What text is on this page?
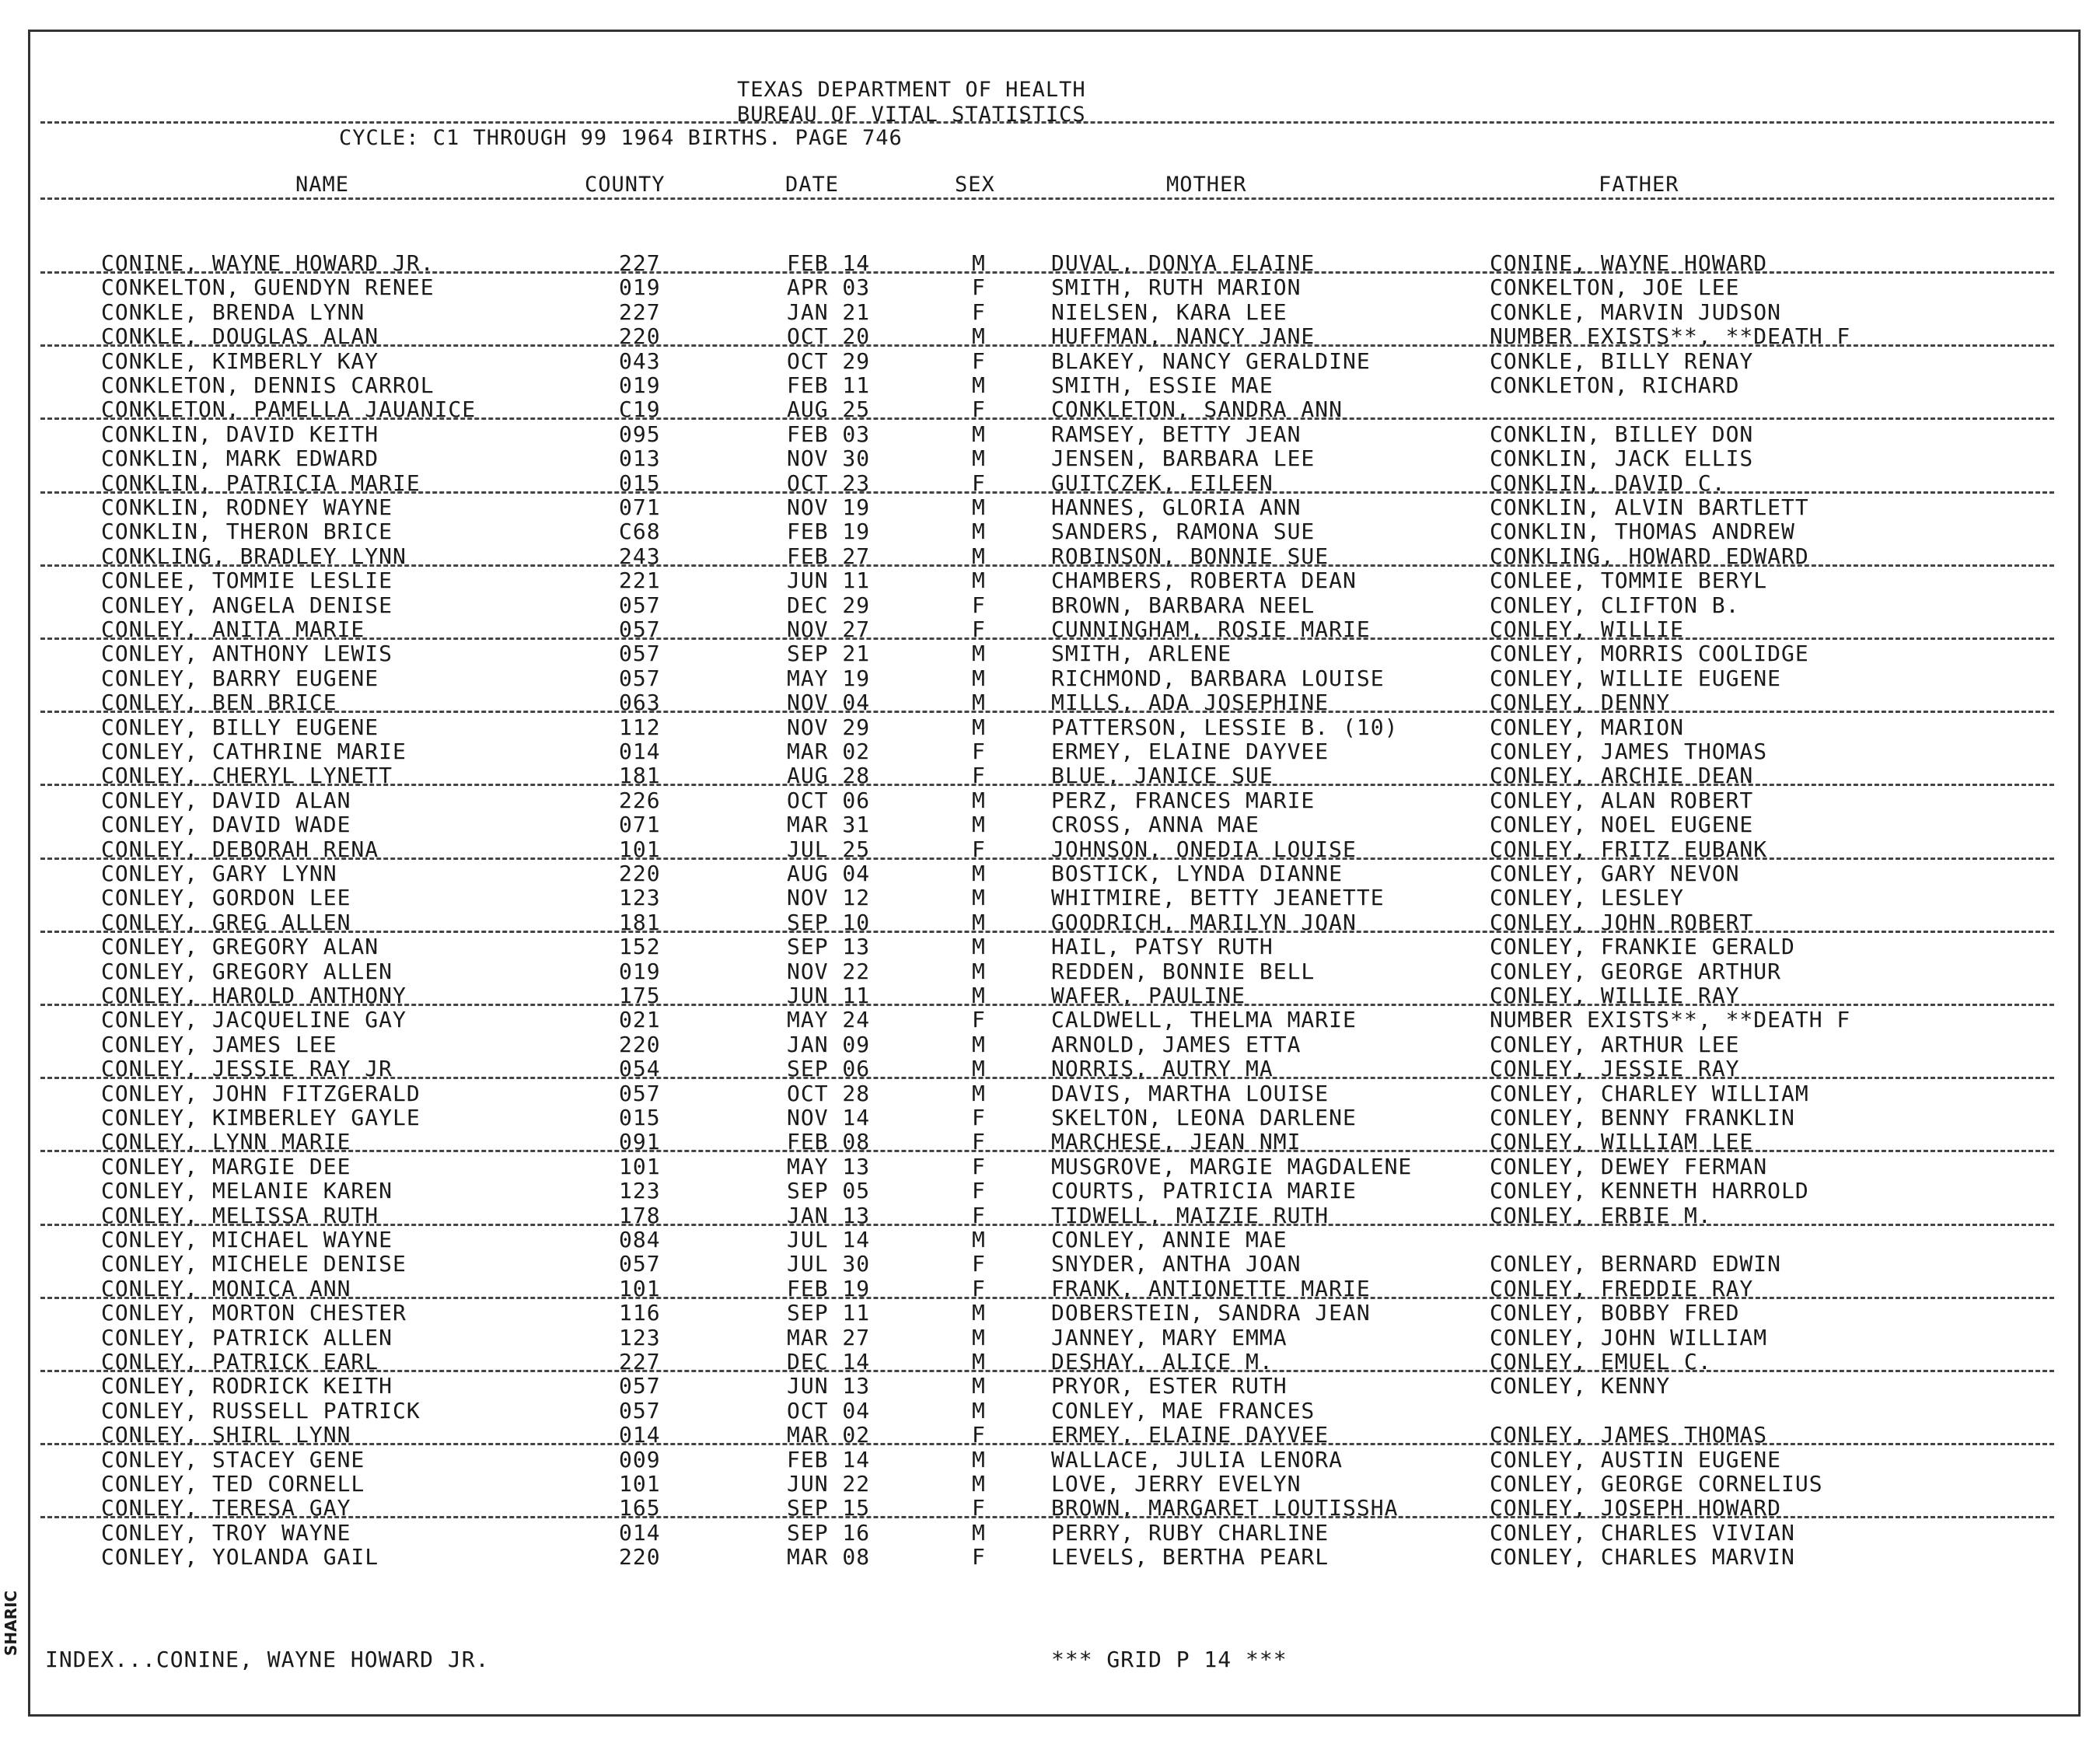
TEXAS DEPARTMENT OF HEALTH
BUREAU OF VITAL STATISTICS
CYCLE: C1 THROUGH 99 1964 BIRTHS. PAGE 746
NAME	COUNTY	DATE	SEX	MOTHER	FATHER
CONINE, WAYNE HOWARD JR.	227	FEB 14	M	DUVAL, DONYA ELAINE	CONINE, WAYNE HOWARD
CONKELTON, GUENDYN RENEE	019	APR 03	F	SMITH, RUTH MARION	CONKELTON, JOE LEE
CONKLE, BRENDA LYNN	227	JAN 21	F	NIELSEN, KARA LEE	CONKLE, MARVIN JUDSON
CONKLE, DOUGLAS ALAN	220	OCT 20	M	HUFFMAN, NANCY JANE	NUMBER EXISTS**, **DEATH F
CONKLE, KIMBERLY KAY	043	OCT 29	F	BLAKEY, NANCY GERALDINE	CONKLE, BILLY RENAY
CONKLETON, DENNIS CARROL	019	FEB 11	M	SMITH, ESSIE MAE	CONKLETON, RICHARD
CONKLETON, PAMELLA JAUANICE	C19	AUG 25	F	CONKLETON, SANDRA ANN
CONKLIN, DAVID KEITH	095	FEB 03	M	RAMSEY, BETTY JEAN	CONKLIN, BILLEY DON
CONKLIN, MARK EDWARD	013	NOV 30	M	JENSEN, BARBARA LEE	CONKLIN, JACK ELLIS
CONKLIN, PATRICIA MARIE	015	OCT 23	F	GUITCZEK, EILEEN	CONKLIN, DAVID C.
CONKLIN, RODNEY WAYNE	071	NOV 19	M	HANNES, GLORIA ANN	CONKLIN, ALVIN BARTLETT
CONKLIN, THERON BRICE	C68	FEB 19	M	SANDERS, RAMONA SUE	CONKLIN, THOMAS ANDREW
CONKLING, BRADLEY LYNN	243	FEB 27	M	ROBINSON, BONNIE SUE	CONKLING, HOWARD EDWARD
CONLEE, TOMMIE LESLIE	221	JUN 11	M	CHAMBERS, ROBERTA DEAN	CONLEE, TOMMIE BERYL
CONLEY, ANGELA DENISE	057	DEC 29	F	BROWN, BARBARA NEEL	CONLEY, CLIFTON B.
CONLEY, ANITA MARIE	057	NOV 27	F	CUNNINGHAM, ROSIE MARIE	CONLEY, WILLIE
CONLEY, ANTHONY LEWIS	057	SEP 21	M	SMITH, ARLENE	CONLEY, MORRIS COOLIDGE
CONLEY, BARRY EUGENE	057	MAY 19	M	RICHMOND, BARBARA LOUISE	CONLEY, WILLIE EUGENE
CONLEY, BEN BRICE	063	NOV 04	M	MILLS, ADA JOSEPHINE	CONLEY, DENNY
CONLEY, BILLY EUGENE	112	NOV 29	M	PATTERSON, LESSIE B. (10)	CONLEY, MARION
CONLEY, CATHRINE MARIE	014	MAR 02	F	ERMEY, ELAINE DAYVEE	CONLEY, JAMES THOMAS
CONLEY, CHERYL LYNETT	181	AUG 28	F	BLUE, JANICE SUE	CONLEY, ARCHIE DEAN
CONLEY, DAVID ALAN	226	OCT 06	M	PERZ, FRANCES MARIE	CONLEY, ALAN ROBERT
CONLEY, DAVID WADE	071	MAR 31	M	CROSS, ANNA MAE	CONLEY, NOEL EUGENE
CONLEY, DEBORAH RENA	101	JUL 25	F	JOHNSON, ONEDIA LOUISE	CONLEY, FRITZ EUBANK
CONLEY, GARY LYNN	220	AUG 04	M	BOSTICK, LYNDA DIANNE	CONLEY, GARY NEVON
CONLEY, GORDON LEE	123	NOV 12	M	WHITMIRE, BETTY JEANETTE	CONLEY, LESLEY
CONLEY, GREG ALLEN	181	SEP 10	M	GOODRICH, MARILYN JOAN	CONLEY, JOHN ROBERT
CONLEY, GREGORY ALAN	152	SEP 13	M	HAIL, PATSY RUTH	CONLEY, FRANKIE GERALD
CONLEY, GREGORY ALLEN	019	NOV 22	M	REDDEN, BONNIE BELL	CONLEY, GEORGE ARTHUR
CONLEY, HAROLD ANTHONY	175	JUN 11	M	WAFER, PAULINE	CONLEY, WILLIE RAY
CONLEY, JACQUELINE GAY	021	MAY 24	F	CALDWELL, THELMA MARIE	NUMBER EXISTS**, **DEATH F
CONLEY, JAMES LEE	220	JAN 09	M	ARNOLD, JAMES ETTA	CONLEY, ARTHUR LEE
CONLEY, JESSIE RAY JR	054	SEP 06	M	NORRIS, AUTRY MA	CONLEY, JESSIE RAY
CONLEY, JOHN FITZGERALD	057	OCT 28	M	DAVIS, MARTHA LOUISE	CONLEY, CHARLEY WILLIAM
CONLEY, KIMBERLEY GAYLE	015	NOV 14	F	SKELTON, LEONA DARLENE	CONLEY, BENNY FRANKLIN
CONLEY, LYNN MARIE	091	FEB 08	F	MARCHESE, JEAN NMI	CONLEY, WILLIAM LEE
CONLEY, MARGIE DEE	101	MAY 13	F	MUSGROVE, MARGIE MAGDALENE	CONLEY, DEWEY FERMAN
CONLEY, MELANIE KAREN	123	SEP 05	F	COURTS, PATRICIA MARIE	CONLEY, KENNETH HARROLD
CONLEY, MELISSA RUTH	178	JAN 13	F	TIDWELL, MAIZIE RUTH	CONLEY, ERBIE M.
CONLEY, MICHAEL WAYNE	084	JUL 14	M	CONLEY, ANNIE MAE
CONLEY, MICHELE DENISE	057	JUL 30	F	SNYDER, ANTHA JOAN	CONLEY, BERNARD EDWIN
CONLEY, MONICA ANN	101	FEB 19	F	FRANK, ANTIONETTE MARIE	CONLEY, FREDDIE RAY
CONLEY, MORTON CHESTER	116	SEP 11	M	DOBERSTEIN, SANDRA JEAN	CONLEY, BOBBY FRED
CONLEY, PATRICK ALLEN	123	MAR 27	M	JANNEY, MARY EMMA	CONLEY, JOHN WILLIAM
CONLEY, PATRICK EARL	227	DEC 14	M	DESHAY, ALICE M.	CONLEY, EMUEL C.
CONLEY, RODRICK KEITH	057	JUN 13	M	PRYOR, ESTER RUTH	CONLEY, KENNY
CONLEY, RUSSELL PATRICK	057	OCT 04	M	CONLEY, MAE FRANCES
CONLEY, SHIRL LYNN	014	MAR 02	F	ERMEY, ELAINE DAYVEE	CONLEY, JAMES THOMAS
CONLEY, STACEY GENE	009	FEB 14	M	WALLACE, JULIA LENORA	CONLEY, AUSTIN EUGENE
CONLEY, TED CORNELL	101	JUN 22	M	LOVE, JERRY EVELYN	CONLEY, GEORGE CORNELIUS
CONLEY, TERESA GAY	165	SEP 15	F	BROWN, MARGARET LOUTISSHA	CONLEY, JOSEPH HOWARD
CONLEY, TROY WAYNE	014	SEP 16	M	PERRY, RUBY CHARLINE	CONLEY, CHARLES VIVIAN
CONLEY, YOLANDA GAIL	220	MAR 08	F	LEVELS, BERTHA PEARL	CONLEY, CHARLES MARVIN
INDEX...CONINE, WAYNE HOWARD JR.	*** GRID P 14 ***
SHARIC
